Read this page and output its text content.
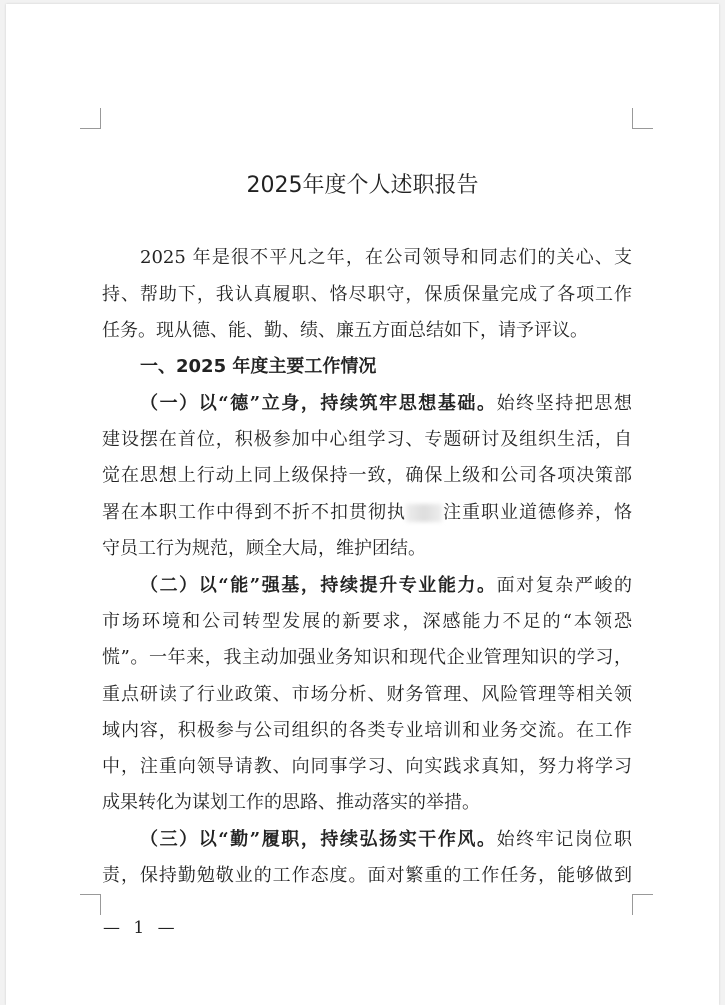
2025年度个人述职报告
2025 年是很不平凡之年，在公司领导和同志们的关心、支
持、帮助下，我认真履职、恪尽职守，保质保量完成了各项工作
任务。现从德、能、勤、绩、廉五方面总结如下，请予评议。
一、2025 年度主要工作情况
（一）以“德”立身，持续筑牢思想基础。始终坚持把思想
建设摆在首位，积极参加中心组学习、专题研讨及组织生活，自
觉在思想上行动上同上级保持一致，确保上级和公司各项决策部
署在本职工作中得到不折不扣贯彻执 注重职业道德修养，恪
守员工行为规范，顾全大局，维护团结。
（二）以“能”强基，持续提升专业能力。面对复杂严峻的
市场环境和公司转型发展的新要求，深感能力不足的“本领恐
慌”。一年来，我主动加强业务知识和现代企业管理知识的学习，
重点研读了行业政策、市场分析、财务管理、风险管理等相关领
域内容，积极参与公司组织的各类专业培训和业务交流。在工作
中，注重向领导请教、向同事学习、向实践求真知，努力将学习
成果转化为谋划工作的思路、推动落实的举措。
（三）以“勤”履职，持续弘扬实干作风。始终牢记岗位职
责，保持勤勉敬业的工作态度。面对繁重的工作任务，能够做到
— 1 —
